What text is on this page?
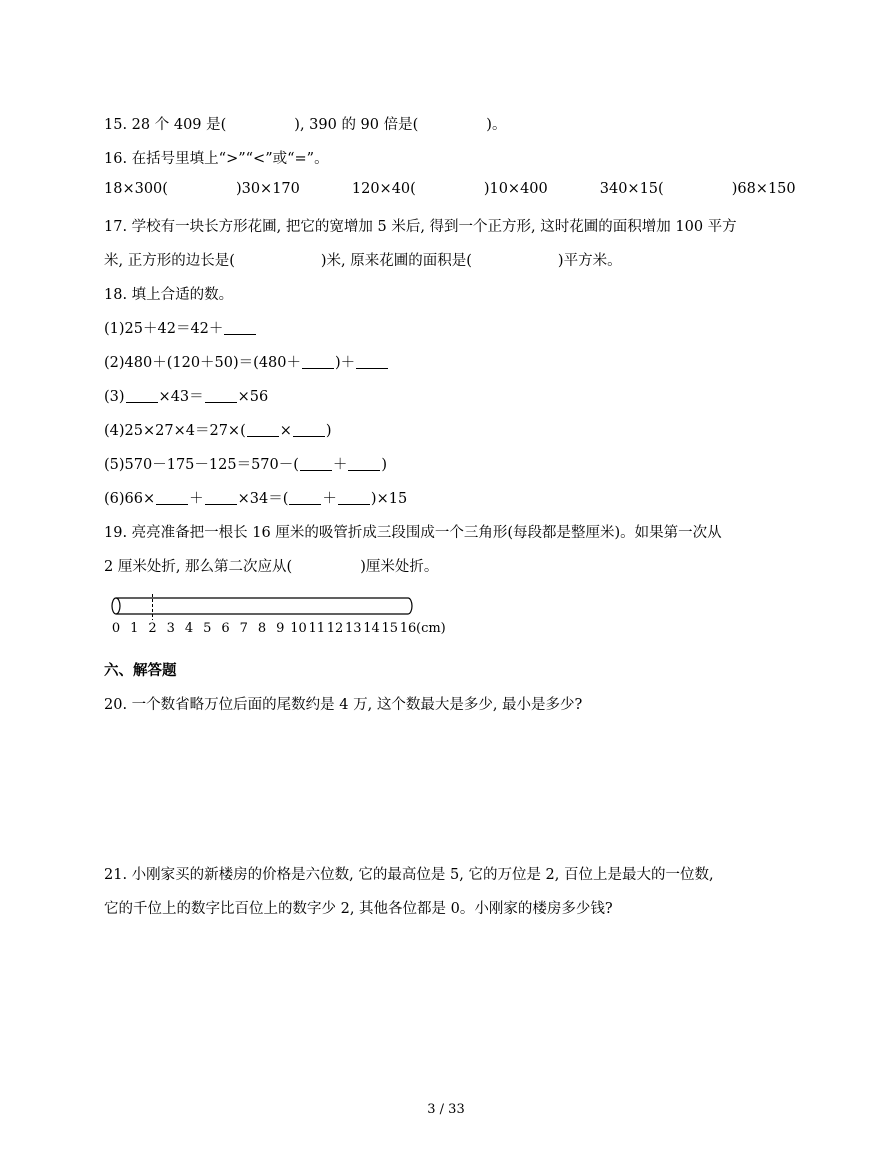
15. 28 个 409 是(	), 390 的 90 倍是(	)。
16. 在括号里填上“>”“<”或“=”。
18×300(	)30×170	120×40(	)10×400	340×15(	)68×150
17. 学校有一块长方形花圃, 把它的宽增加 5 米后, 得到一个正方形, 这时花圃的面积增加 100 平方
米, 正方形的边长是(	)米, 原来花圃的面积是(	)平方米。
18. 填上合适的数。
(1)25＋42＝42＋
(2)480＋(120＋50)＝(480＋ )＋
(3) ×43＝ ×56
(4)25×27×4＝27×( × )
(5)570－175－125＝570－( ＋ )
(6)66× ＋ ×34＝( ＋ )×15
19. 亮亮准备把一根长 16 厘米的吸管折成三段围成一个三角形(每段都是整厘米)。如果第一次从
2 厘米处折, 那么第二次应从(	)厘米处折。
0 1 2 3 4 5 6 7 8 9 10 11 12 13 14 15 16 (cm)
六、解答题
20. 一个数省略万位后面的尾数约是 4 万, 这个数最大是多少, 最小是多少?
21. 小刚家买的新楼房的价格是六位数, 它的最高位是 5, 它的万位是 2, 百位上是最大的一位数,
它的千位上的数字比百位上的数字少 2, 其他各位都是 0。小刚家的楼房多少钱?
3 / 33
